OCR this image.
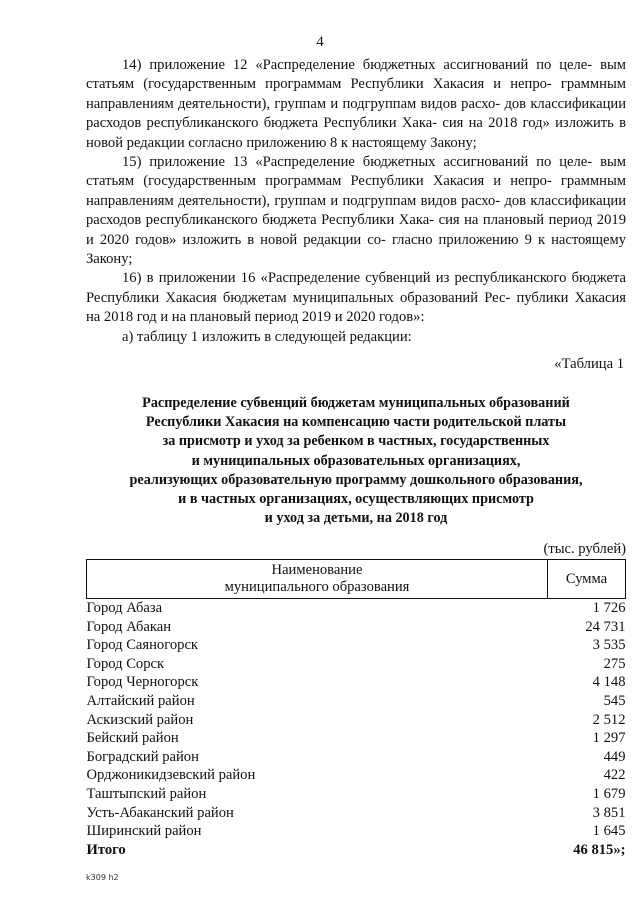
4

14) приложение 12 «Распределение бюджетных ассигнований по целе- вым статьям (государственным программам Республики Хакасия и непро- граммным направлениям деятельности), группам и подгруппам видов расхо- дов классификации расходов республиканского бюджета Республики Хака- сия на 2018 год» изложить в новой редакции согласно приложению 8 к настоящему Закону;

15) приложение 13 «Распределение бюджетных ассигнований по целе- вым статьям (государственным программам Республики Хакасия и непро- граммным направлениям деятельности), группам и подгруппам видов расхо- дов классификации расходов республиканского бюджета Республики Хака- сия на плановый период 2019 и 2020 годов» изложить в новой редакции со- гласно приложению 9 к настоящему Закону;

16) в приложении 16 «Распределение субвенций из республиканского бюджета Республики Хакасия бюджетам муниципальных образований Рес- публики Хакасия на 2018 год и на плановый период 2019 и 2020 годов»:

а) таблицу 1 изложить в следующей редакции:

«Таблица 1
Распределение субвенций бюджетам муниципальных образований
Республики Хакасия на компенсацию части родительской платы
за присмотр и уход за ребенком в частных, государственных
и муниципальных образовательных организациях,
реализующих образовательную программу дошкольного образования,
и в частных организациях, осуществляющих присмотр
и уход за детьми, на 2018 год
(тыс. рублей)
Наименование
муниципального образования	Сумма
Город Абаза	1 726
Город Абакан	24 731
Город Саяногорск	3 535
Город Сорск	275
Город Черногорск	4 148
Алтайский район	545
Аскизский район	2 512
Бейский район	1 297
Боградский район	449
Орджоникидзевский район	422
Таштыпский район	1 679
Усть-Абаканский район	3 851
Ширинский район	1 645
Итого	46 815»;
k309 h2
